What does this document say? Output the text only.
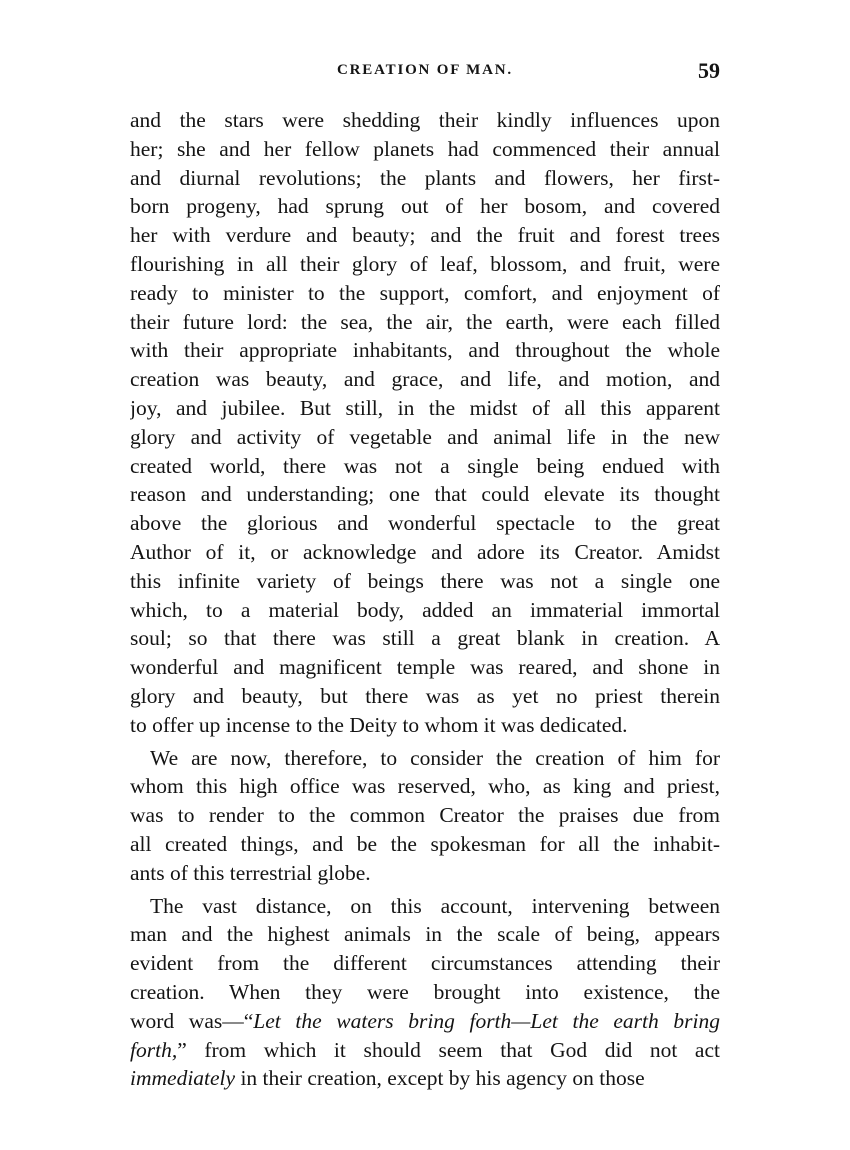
CREATION OF MAN.	59
and the stars were shedding their kindly influences upon
her; she and her fellow planets had commenced their annual
and diurnal revolutions; the plants and flowers, her first-
born progeny, had sprung out of her bosom, and covered
her with verdure and beauty; and the fruit and forest trees
flourishing in all their glory of leaf, blossom, and fruit, were
ready to minister to the support, comfort, and enjoyment of
their future lord: the sea, the air, the earth, were each filled
with their appropriate inhabitants, and throughout the whole
creation was beauty, and grace, and life, and motion, and
joy, and jubilee. But still, in the midst of all this apparent
glory and activity of vegetable and animal life in the new
created world, there was not a single being endued with
reason and understanding; one that could elevate its thought
above the glorious and wonderful spectacle to the great
Author of it, or acknowledge and adore its Creator. Amidst
this infinite variety of beings there was not a single one
which, to a material body, added an immaterial immortal
soul; so that there was still a great blank in creation. A
wonderful and magnificent temple was reared, and shone in
glory and beauty, but there was as yet no priest therein
to offer up incense to the Deity to whom it was dedicated.
We are now, therefore, to consider the creation of him for
whom this high office was reserved, who, as king and priest,
was to render to the common Creator the praises due from
all created things, and be the spokesman for all the inhabit-
ants of this terrestrial globe.
The vast distance, on this account, intervening between
man and the highest animals in the scale of being, appears
evident from the different circumstances attending their
creation. When they were brought into existence, the
word was—“Let the waters bring forth—Let the earth bring
forth,” from which it should seem that God did not act
immediately in their creation, except by his agency on those
